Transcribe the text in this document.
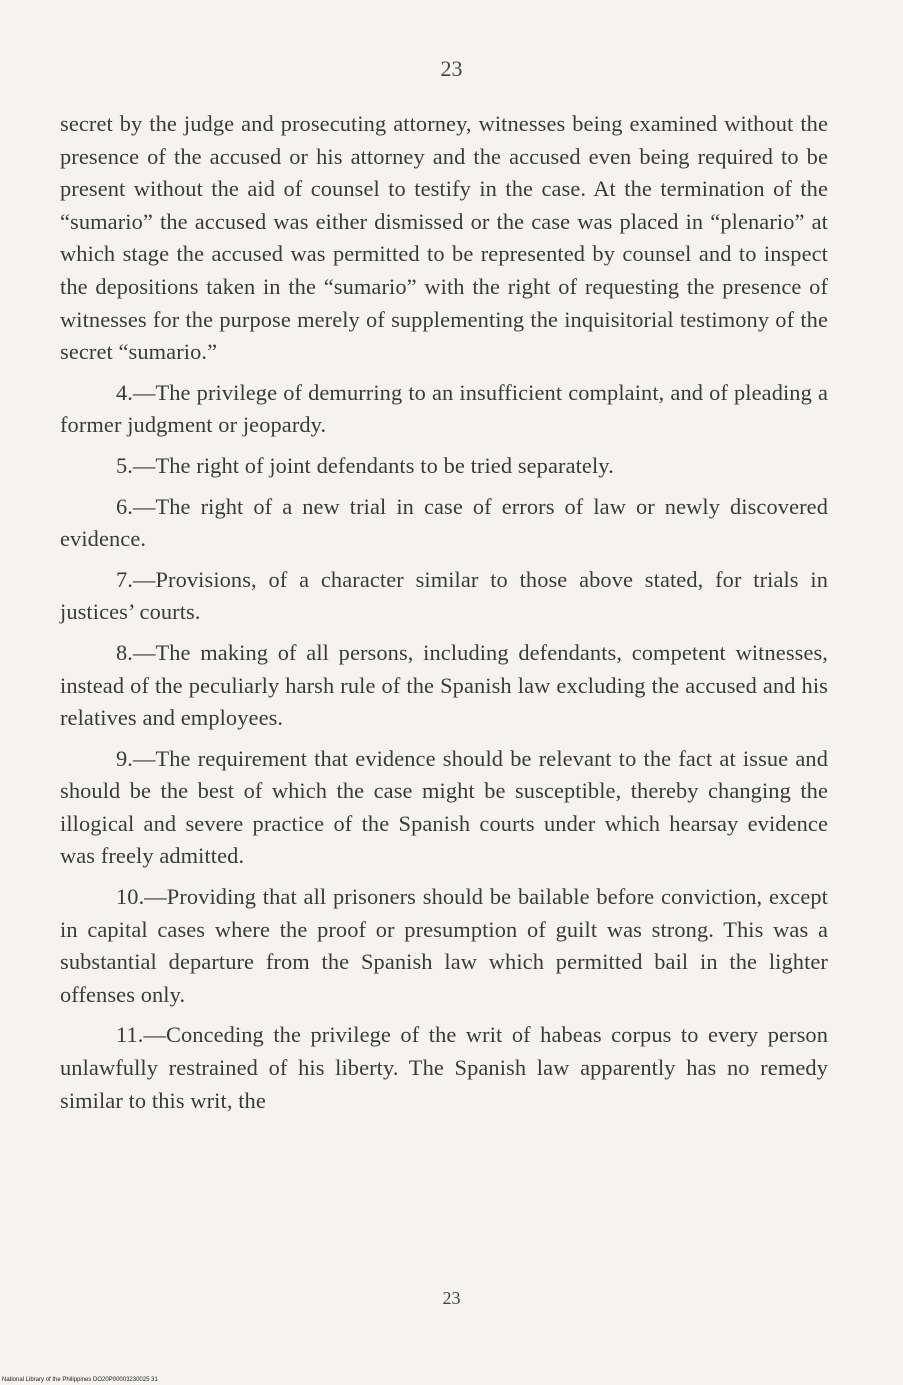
23

secret by the judge and prosecuting attorney, witnesses being examined without the presence of the accused or his attorney and the accused even being required to be present without the aid of counsel to testify in the case. At the termination of the “sumario” the accused was either dismissed or the case was placed in “plenario” at which stage the accused was permitted to be represented by counsel and to inspect the depositions taken in the “sumario” with the right of requesting the presence of witnesses for the purpose merely of supplementing the inquisitorial testimony of the secret “sumario.”

4.—The privilege of demurring to an insufficient complaint, and of pleading a former judgment or jeopardy.

5.—The right of joint defendants to be tried separately.

6.—The right of a new trial in case of errors of law or newly discovered evidence.

7.—Provisions, of a character similar to those above stated, for trials in justices’ courts.

8.—The making of all persons, including defendants, competent witnesses, instead of the peculiarly harsh rule of the Spanish law excluding the accused and his relatives and employees.

9.—The requirement that evidence should be relevant to the fact at issue and should be the best of which the case might be susceptible, thereby changing the illogical and severe practice of the Spanish courts under which hearsay evidence was freely admitted.

10.—Providing that all prisoners should be bailable before conviction, except in capital cases where the proof or presumption of guilt was strong. This was a substantial departure from the Spanish law which permitted bail in the lighter offenses only.

11.—Conceding the privilege of the writ of habeas corpus to every person unlawfully restrained of his liberty. The Spanish law apparently has no remedy similar to this writ, the

23
National Library of the Philippines DO20P00003230025 31
